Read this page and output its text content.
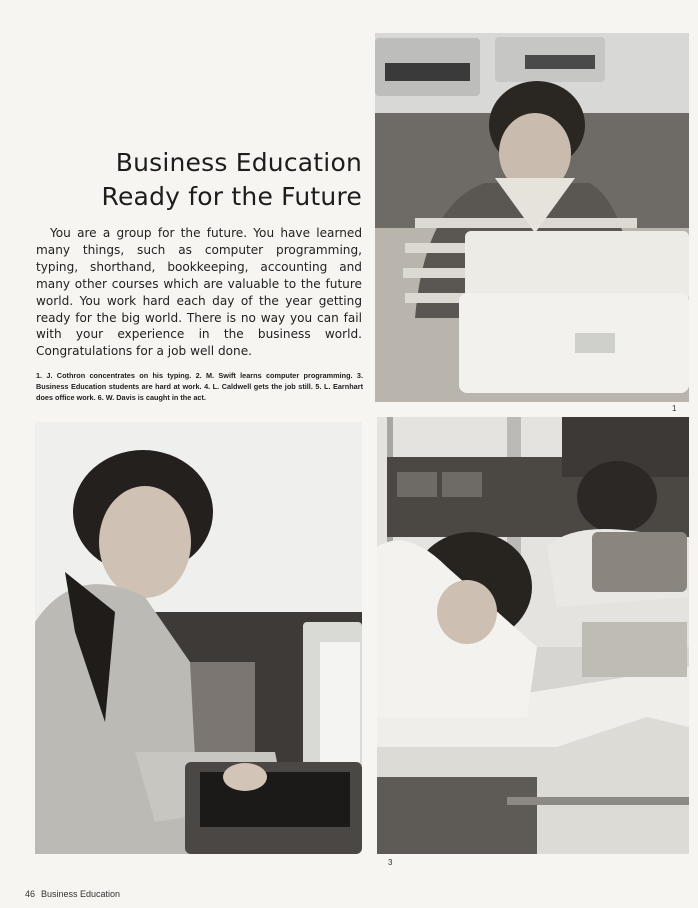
1
Business Education
Ready for the Future

You are a group for the future. You have learned many things, such as computer programming, typing, shorthand, bookkeeping, accounting and many other courses which are valuable to the future world. You work hard each day of the year getting ready for the big world. There is no way you can fail with your experience in the business world. Congratulations for a job well done.

1. J. Cothron concentrates on his typing. 2. M. Swift learns computer programming. 3. Business Education students are hard at work. 4. L. Caldwell gets the job still. 5. L. Earnhart does office work. 6. W. Davis is caught in the act.

3
46 Business Education
